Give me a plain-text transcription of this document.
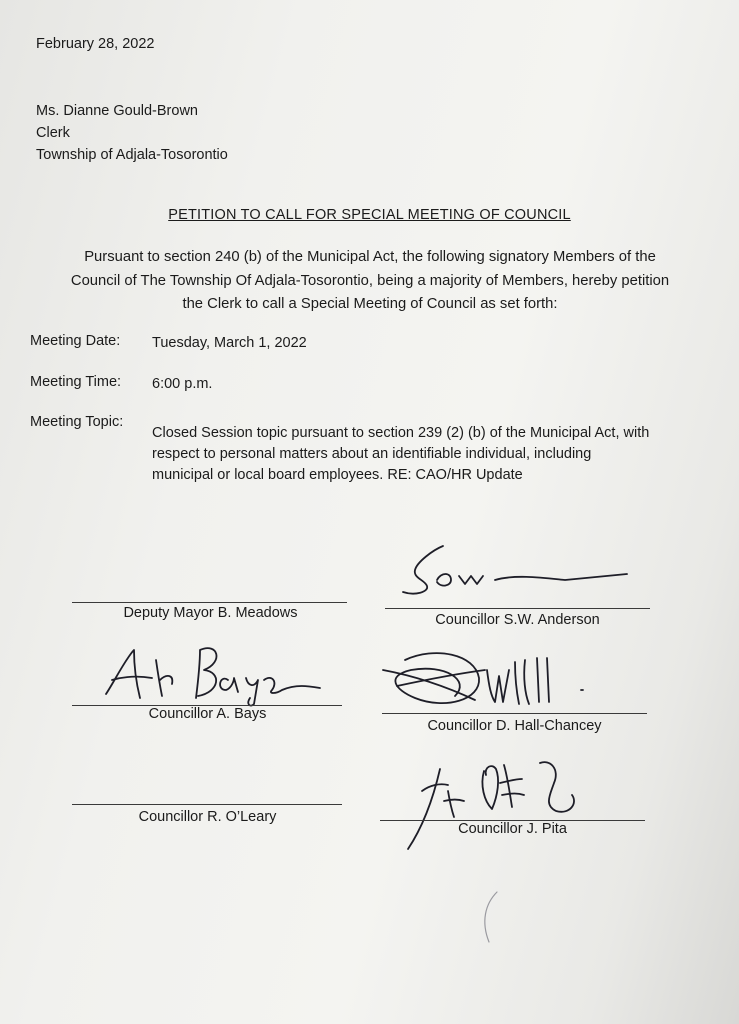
February 28, 2022
Ms. Dianne Gould-Brown
Clerk
Township of Adjala-Tosorontio
PETITION TO CALL FOR SPECIAL MEETING OF COUNCIL
Pursuant to section 240 (b) of the Municipal Act, the following signatory Members of the
Council of The Township Of Adjala-Tosorontio, being a majority of Members, hereby petition
the Clerk to call a Special Meeting of Council as set forth:
Meeting Date: Tuesday, March 1, 2022
Meeting Time: 6:00 p.m.
Meeting Topic:
Closed Session topic pursuant to section 239 (2) (b) of the Municipal Act, with
respect to personal matters about an identifiable individual, including
municipal or local board employees. RE: CAO/HR Update
Deputy Mayor B. Meadows	Councillor S.W. Anderson
Councillor A. Bays
Councillor D. Hall-Chancey
Councillor R. O’Leary
Councillor J. Pita
